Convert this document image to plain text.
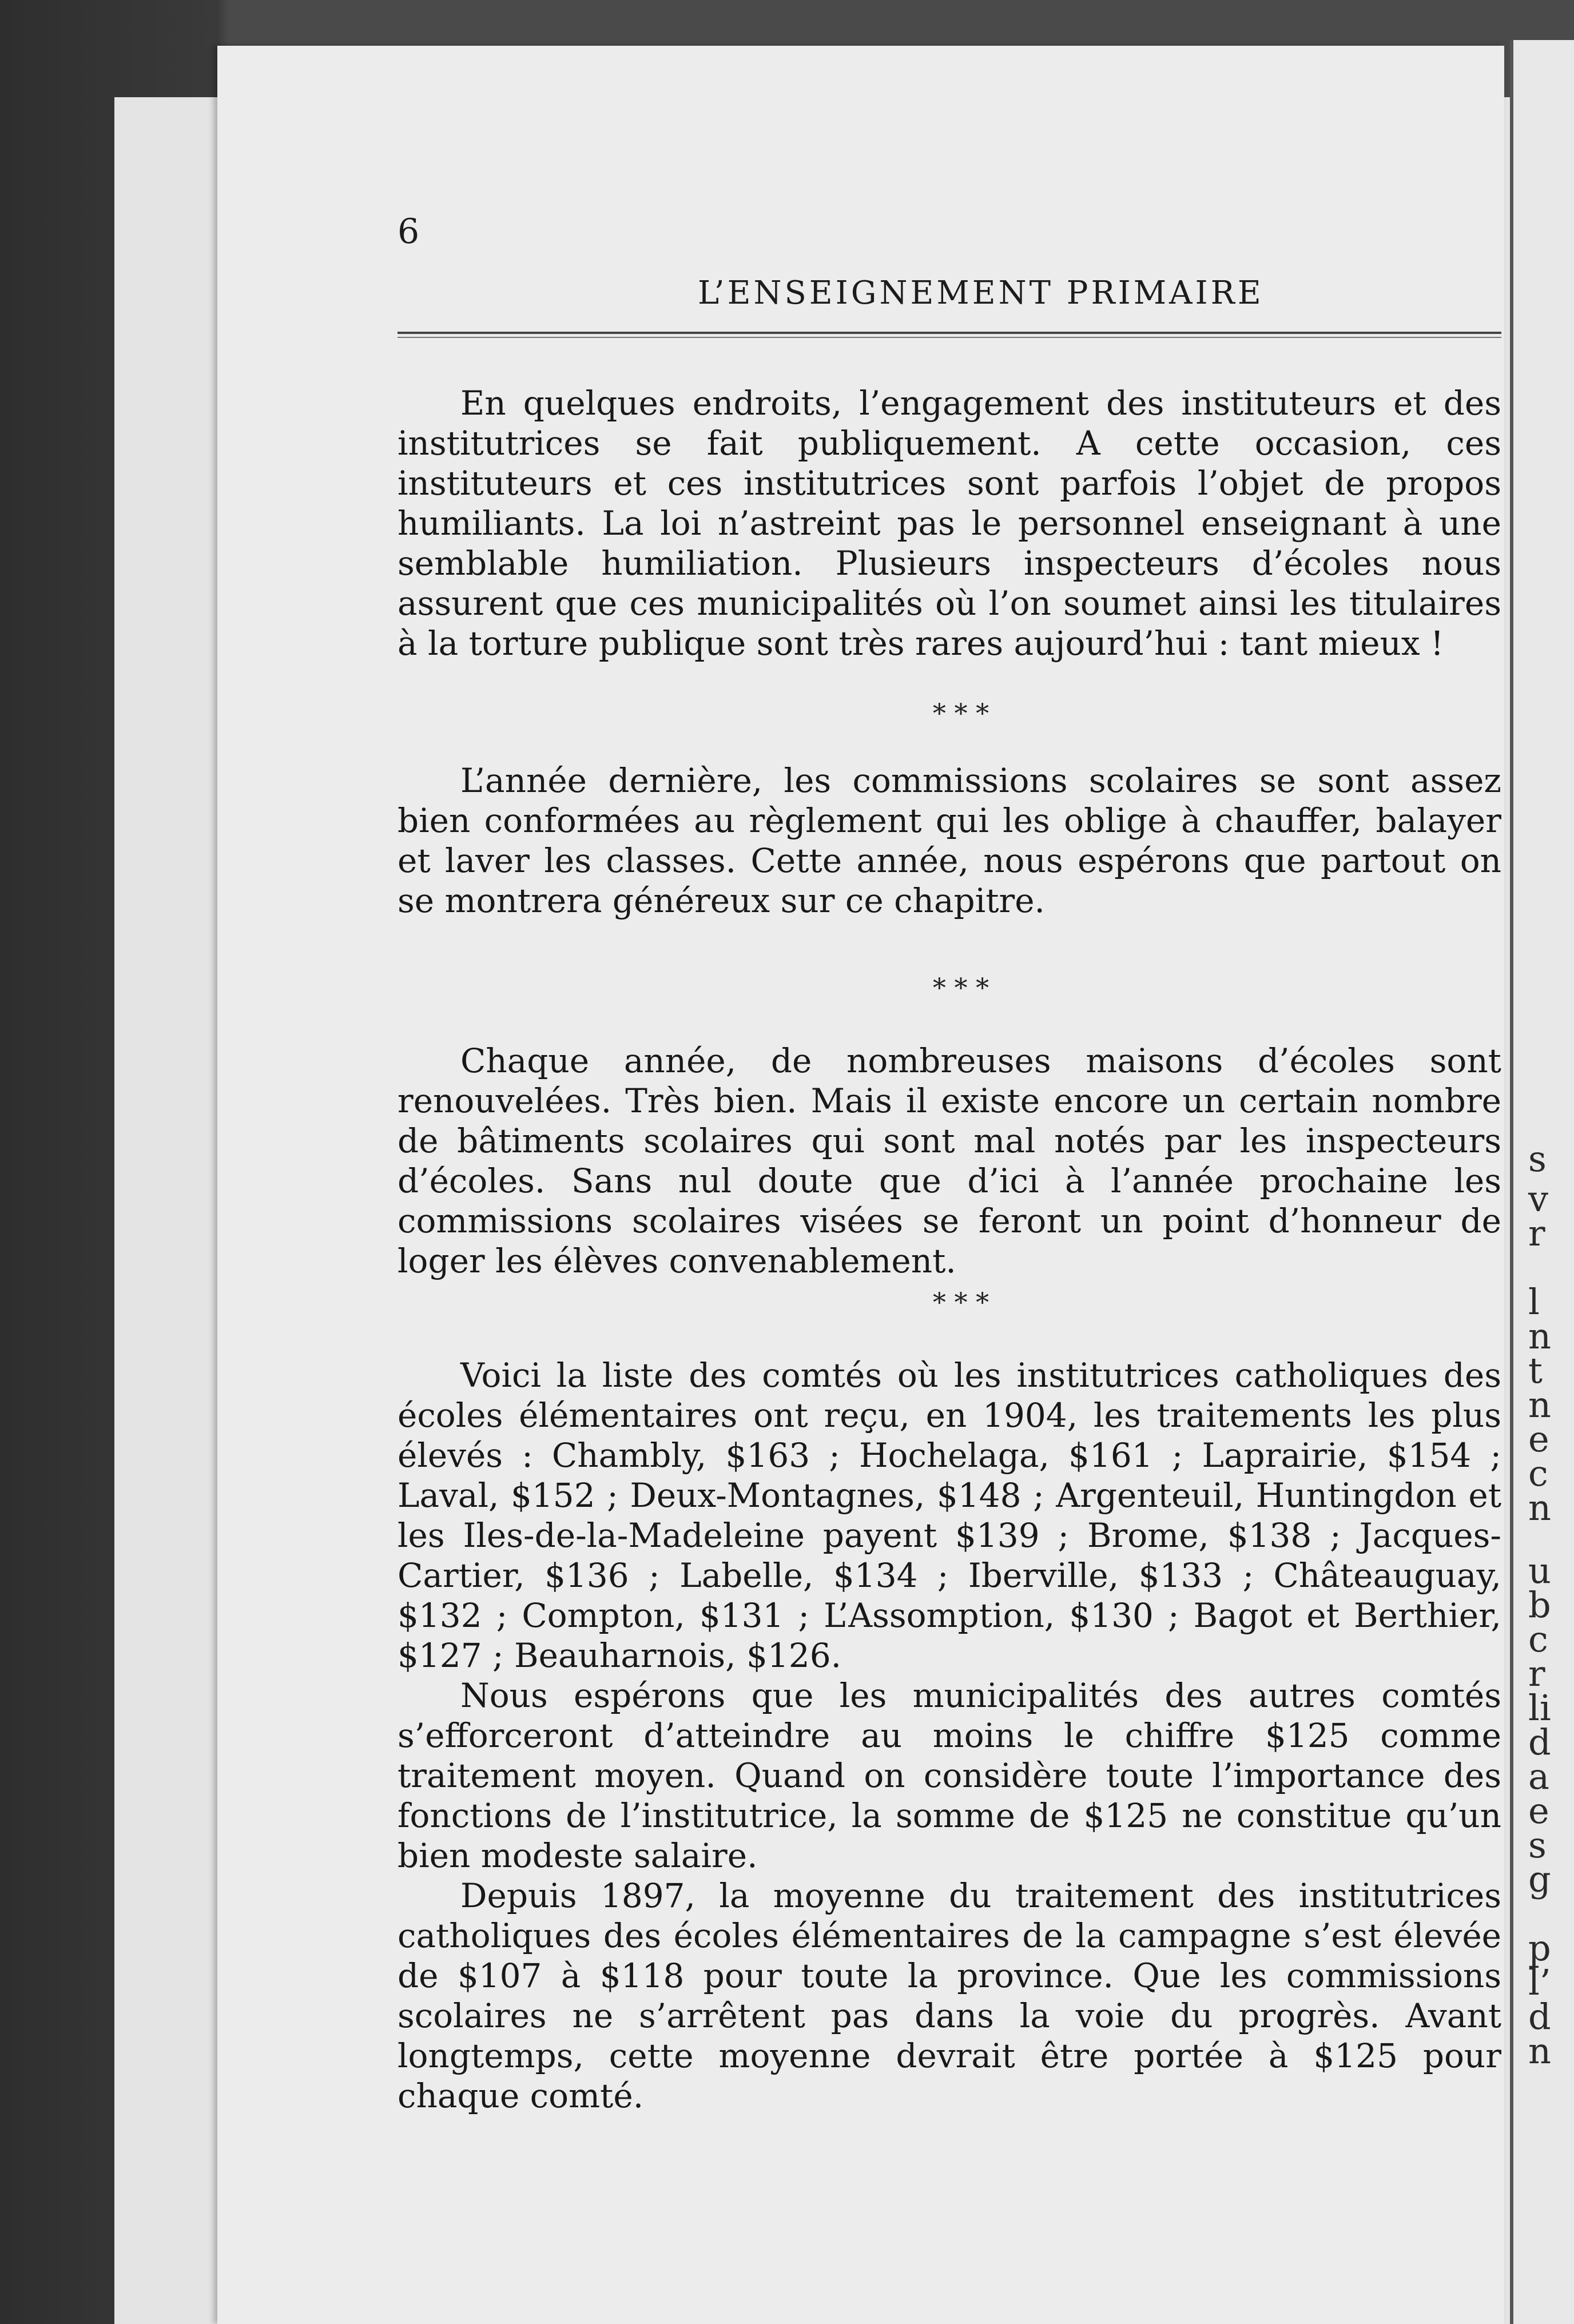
s
v
r
l
n
t
n
e
c
n
u
b
c
r
li
d
a
e
s
g
p
l’
d
n
6
L’ENSEIGNEMENT PRIMAIRE

En quelques endroits, l’engagement des instituteurs et des institutrices se fait publiquement. A cette occasion, ces instituteurs et ces institutrices sont parfois l’objet de propos humiliants. La loi n’astreint pas le personnel enseignant à une semblable humiliation. Plusieurs inspecteurs d’écoles nous assurent que ces municipalités où l’on soumet ainsi les titulaires à la torture publique sont très rares aujourd’hui : tant mieux !

* * *

L’année dernière, les commissions scolaires se sont assez bien conformées au règlement qui les oblige à chauffer, balayer et laver les classes. Cette année, nous espérons que partout on se montrera généreux sur ce chapitre.

* * *

Chaque année, de nombreuses maisons d’écoles sont renouvelées. Très bien. Mais il existe encore un certain nombre de bâtiments scolaires qui sont mal notés par les inspecteurs d’écoles. Sans nul doute que d’ici à l’année prochaine les commissions scolaires visées se feront un point d’honneur de loger les élèves convenablement.

* * *

Voici la liste des comtés où les institutrices catholiques des écoles élémentaires ont reçu, en 1904, les traitements les plus élevés : Chambly, $163 ; Hochelaga, $161 ; Laprairie, $154 ; Laval, $152 ; Deux-Montagnes, $148 ; Argenteuil, Huntingdon et les Iles-de-la-Madeleine payent $139 ; Brome, $138 ; Jacques-Cartier, $136 ; Labelle, $134 ; Iberville, $133 ; Châteauguay, $132 ; Compton, $131 ; L’Assomption, $130 ; Bagot et Berthier, $127 ; Beauharnois, $126.

Nous espérons que les municipalités des autres comtés s’efforceront d’atteindre au moins le chiffre $125 comme traitement moyen. Quand on considère toute l’importance des fonctions de l’institutrice, la somme de $125 ne constitue qu’un bien modeste salaire.

Depuis 1897, la moyenne du traitement des institutrices catholiques des écoles élémentaires de la campagne s’est élevée de $107 à $118 pour toute la province. Que les commissions scolaires ne s’arrêtent pas dans la voie du progrès. Avant longtemps, cette moyenne devrait être portée à $125 pour chaque comté.
